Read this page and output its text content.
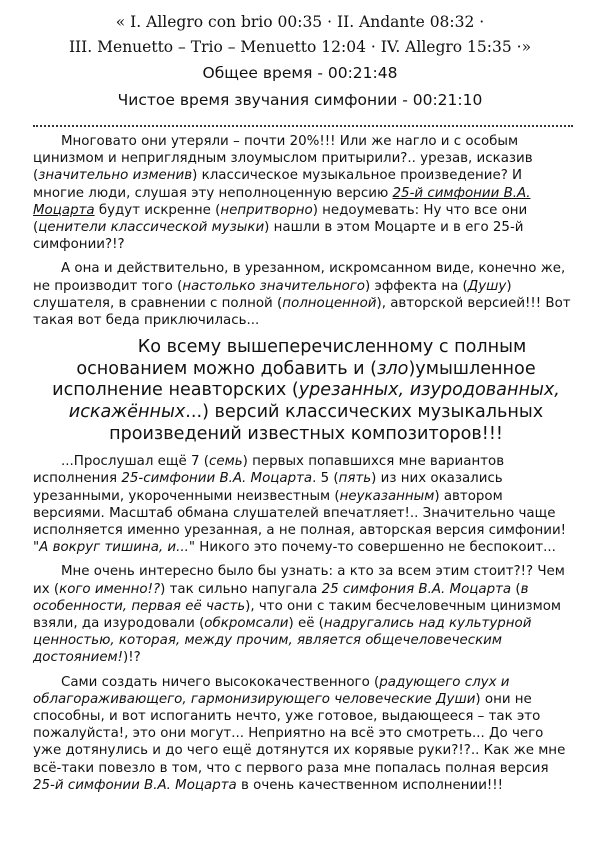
« I. Allegro con brio 00:35 · II. Andante 08:32 ·
III. Menuetto – Trio – Menuetto 12:04 · IV. Allegro 15:35 ·»
Общее время - 00:21:48
Чистое время звучания симфонии - 00:21:10

Многовато они утеряли – почти 20%!!! Или же нагло и с особым цинизмом и неприглядным злоумыслом притырили?.. урезав, исказив (значительно изменив) классическое музыкальное произведение? И многие люди, слушая эту неполноценную версию 25-й симфонии В.А. Моцарта будут искренне (непритворно) недоумевать: Ну что все они (ценители классической музыки) нашли в этом Моцарте и в его 25-й симфонии?!?

А она и действительно, в урезанном, искромсанном виде, конечно же, не производит того (настолько значительного) эффекта на (Душу) слушателя, в сравнении с полной (полноценной), авторской версией!!! Вот такая вот беда приключилась...

Ко всему вышеперечисленному с полным основанием можно добавить и (зло)умышленное исполнение неавторских (урезанных, изуродованных, искажённых...) версий классических музыкальных произведений известных композиторов!!!

...Прослушал ещё 7 (семь) первых попавшихся мне вариантов исполнения 25-симфонии В.А. Моцарта. 5 (пять) из них оказались урезанными, укороченными неизвестным (неуказанным) автором версиями. Масштаб обмана слушателей впечатляет!.. Значительно чаще исполняется именно урезанная, а не полная, авторская версия симфонии! "А вокруг тишина, и..." Никого это почему-то совершенно не беспокоит...

Мне очень интересно было бы узнать: а кто за всем этим стоит?!? Чем их (кого именно!?) так сильно напугала 25 симфония В.А. Моцарта (в особенности, первая её часть), что они с таким бесчеловечным цинизмом взяли, да изуродовали (обкромсали) её (надругались над культурной ценностью, которая, между прочим, является общечеловеческим достоянием!)!?

Сами создать ничего высококачественного (радующего слух и облагораживающего, гармонизирующего человеческие Души) они не способны, и вот испоганить нечто, уже готовое, выдающееся – так это пожалуйста!, это они могут... Неприятно на всё это смотреть... До чего уже дотянулись и до чего ещё дотянутся их корявые руки?!?.. Как же мне всё-таки повезло в том, что с первого раза мне попалась полная версия 25-й симфонии В.А. Моцарта в очень качественном исполнении!!!
